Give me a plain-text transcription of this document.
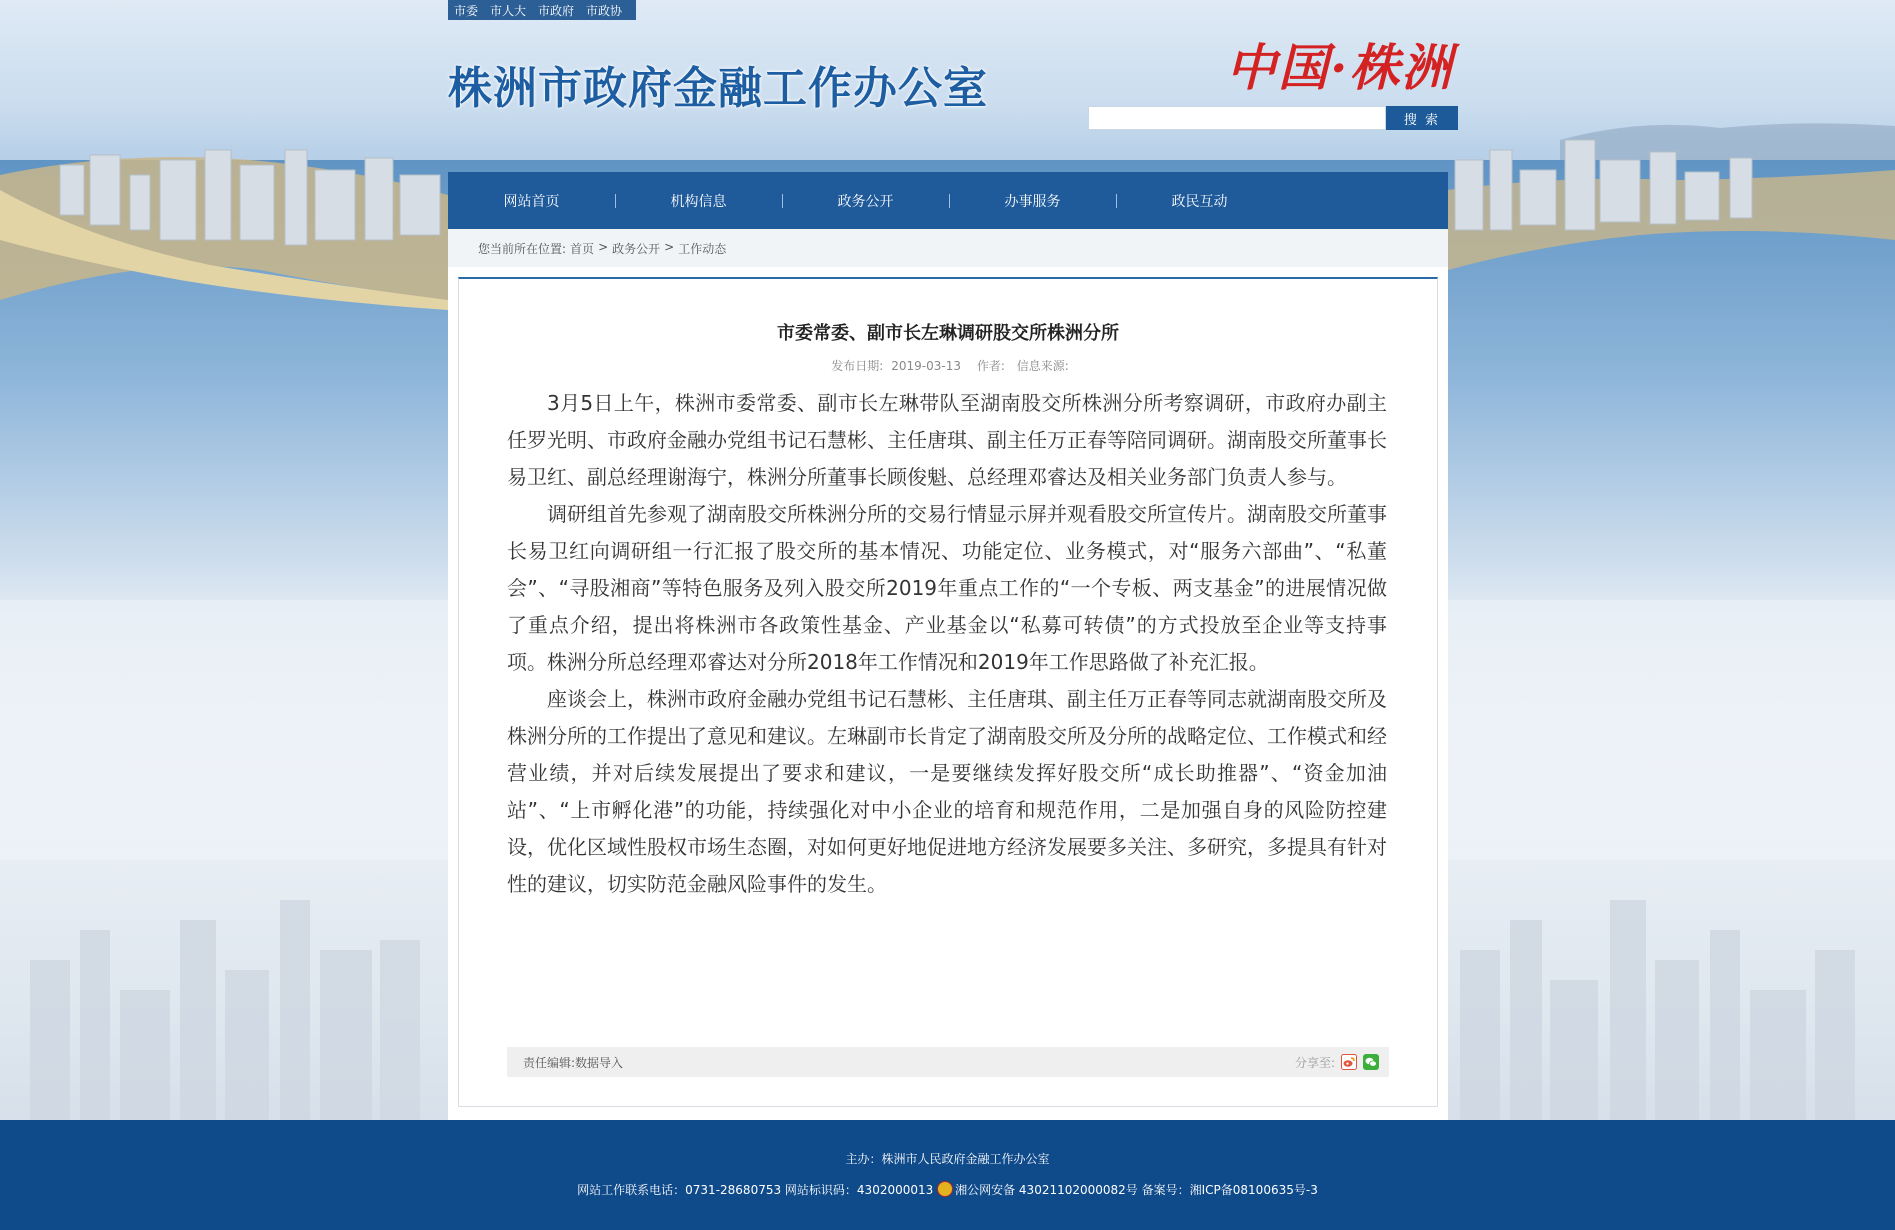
市委	市人大	市政府	市政协
株洲市政府金融工作办公室	中国·株洲
搜 索
网站首页	机构信息	政务公开	办事服务	政民互动
您当前所在位置: 首页 > 政务公开 > 工作动态
市委常委、副市长左琳调研股交所株洲分所
发布日期: 2019-03-13 作者: 信息来源:

3月5日上午，株洲市委常委、副市长左琳带队至湖南股交所株洲分所考察调研，市政府办副主任罗光明、市政府金融办党组书记石慧彬、主任唐琪、副主任万正春等陪同调研。湖南股交所董事长易卫红、副总经理谢海宁，株洲分所董事长顾俊魁、总经理邓睿达及相关业务部门负责人参与。

调研组首先参观了湖南股交所株洲分所的交易行情显示屏并观看股交所宣传片。湖南股交所董事长易卫红向调研组一行汇报了股交所的基本情况、功能定位、业务模式，对“服务六部曲”、“私董会”、“寻股湘商”等特色服务及列入股交所2019年重点工作的“一个专板、两支基金”的进展情况做了重点介绍，提出将株洲市各政策性基金、产业基金以“私募可转债”的方式投放至企业等支持事项。株洲分所总经理邓睿达对分所2018年工作情况和2019年工作思路做了补充汇报。

座谈会上，株洲市政府金融办党组书记石慧彬、主任唐琪、副主任万正春等同志就湖南股交所及株洲分所的工作提出了意见和建议。左琳副市长肯定了湖南股交所及分所的战略定位、工作模式和经营业绩，并对后续发展提出了要求和建议，一是要继续发挥好股交所“成长助推器”、“资金加油站”、“上市孵化港”的功能，持续强化对中小企业的培育和规范作用，二是加强自身的风险防控建设，优化区域性股权市场生态圈，对如何更好地促进地方经济发展要多关注、多研究，多提具有针对性的建议，切实防范金融风险事件的发生。

责任编辑:数据导入	分享至:
主办：株洲市人民政府金融工作办公室
网站工作联系电话：0731-28680753 网站标识码：4302000013 湘公网安备 43021102000082号 备案号：湘ICP备08100635号-3
